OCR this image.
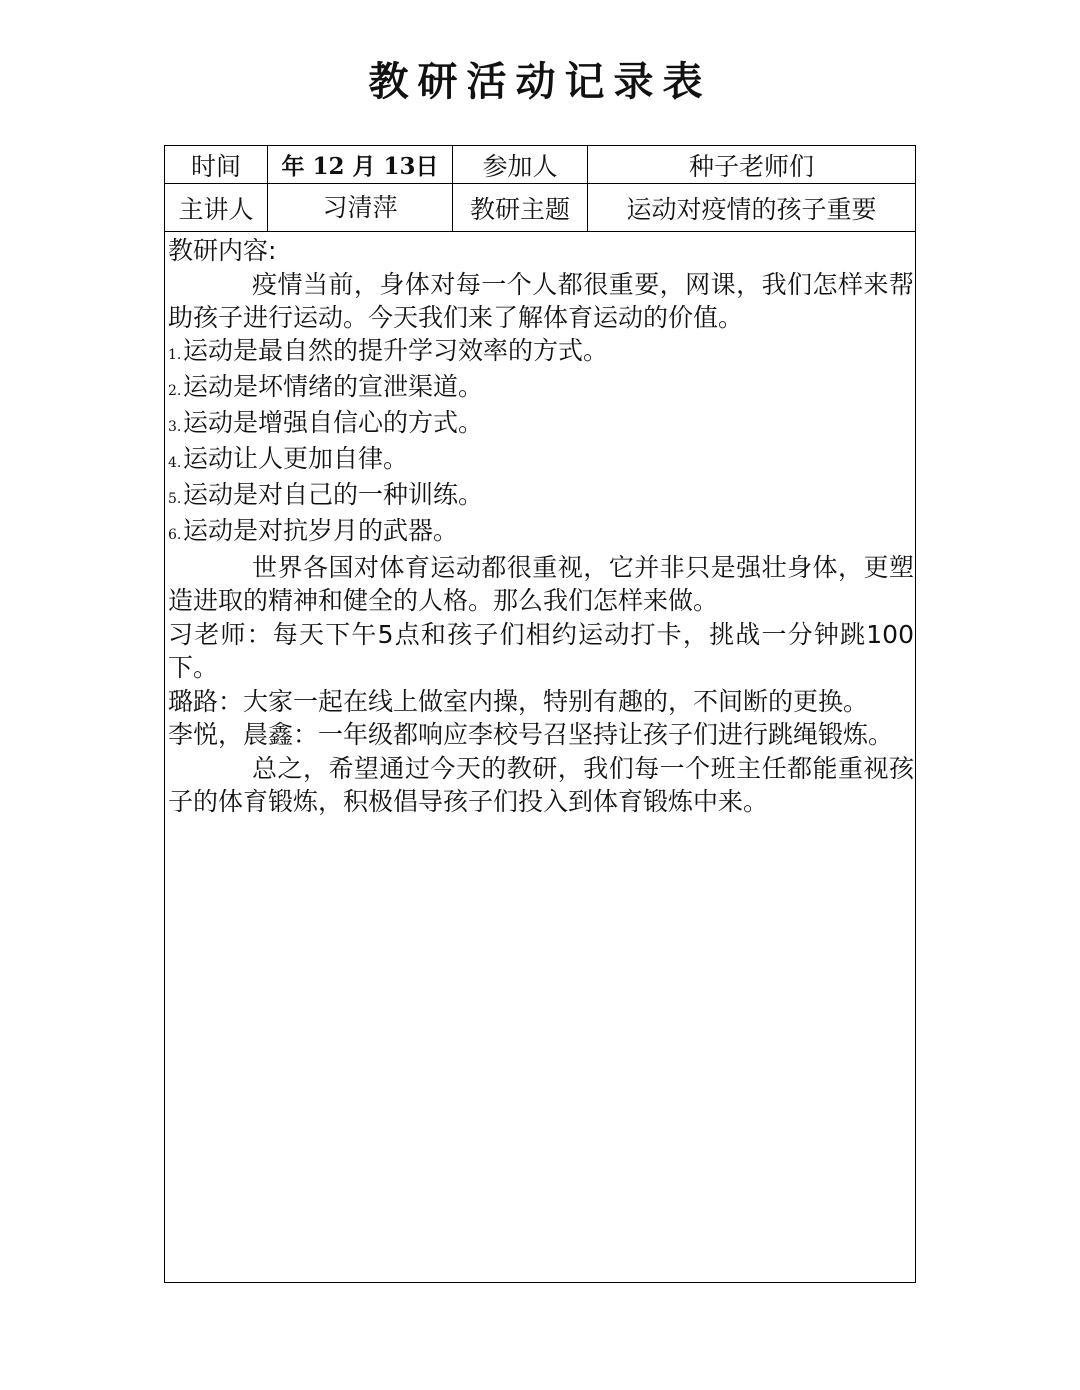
教研活动记录表
时间	年 12 月 13日	参加人	种子老师们
主讲人	习清萍	教研主题	运动对疫情的孩子重要

教研内容:

疫情当前，身体对每一个人都很重要，网课，我们怎样来帮助孩子进行运动。今天我们来了解体育运动的价值。

1.运动是最自然的提升学习效率的方式。

2.运动是坏情绪的宣泄渠道。

3.运动是增强自信心的方式。

4.运动让人更加自律。

5.运动是对自己的一种训练。

6.运动是对抗岁月的武器。

世界各国对体育运动都很重视，它并非只是强壮身体，更塑造进取的精神和健全的人格。那么我们怎样来做。

习老师：每天下午5点和孩子们相约运动打卡，挑战一分钟跳100下。

璐路：大家一起在线上做室内操，特别有趣的，不间断的更换。

李悦，晨鑫：一年级都响应李校号召坚持让孩子们进行跳绳锻炼。

总之，希望通过今天的教研，我们每一个班主任都能重视孩子的体育锻炼，积极倡导孩子们投入到体育锻炼中来。
